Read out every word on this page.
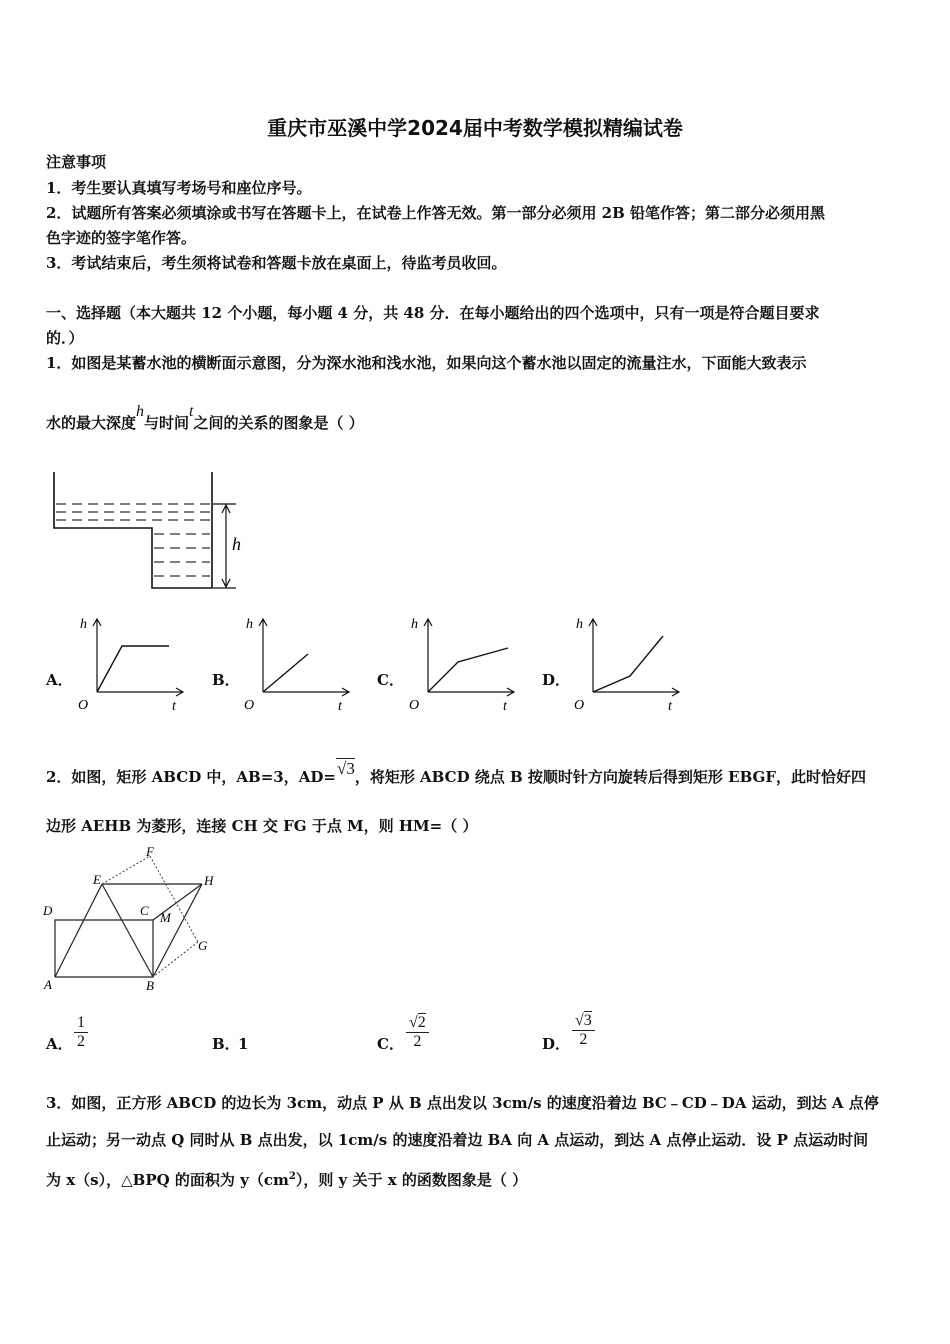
重庆市巫溪中学2024届中考数学模拟精编试卷
注意事项
1．考生要认真填写考场号和座位序号。
2．试题所有答案必须填涂或书写在答题卡上，在试卷上作答无效。第一部分必须用 2B 铅笔作答；第二部分必须用黑
色字迹的签字笔作答。
3．考试结束后，考生须将试卷和答题卡放在桌面上，待监考员收回。
一、选择题（本大题共 12 个小题，每小题 4 分，共 48 分．在每小题给出的四个选项中，只有一项是符合题目要求
的．）
1．如图是某蓄水池的横断面示意图，分为深水池和浅水池，如果向这个蓄水池以固定的流量注水，下面能大致表示
水的最大深度h与时间t之间的关系的图象是（ ）
h
A．
h
t
O
B．
h
t
O
C．
h
t
O
D．
h
t
O
2．如图，矩形 ABCD 中，AB=3，AD=√3，将矩形 ABCD 绕点 B 按顺时针方向旋转后得到矩形 EBGF，此时恰好四
边形 AEHB 为菱形，连接 CH 交 FG 于点 M，则 HM=（ ）
D	C
A	B
E
F
H
G
M
A． $\frac{1}{2}$	B．
1	C． $\frac{√2}{2}$	D． $\frac{√3}{2}$
3．如图，正方形 ABCD 的边长为 3cm，动点 P 从 B 点出发以 3cm/s 的速度沿着边 BC﹣CD﹣DA 运动，到达 A 点停
止运动；另一动点 Q 同时从 B 点出发，以 1cm/s 的速度沿着边 BA 向 A 点运动，到达 A 点停止运动．设 P 点运动时间
为 x（s），△BPQ 的面积为 $y(cm^2)$，则 y 关于 x 的函数图象是（ ）
